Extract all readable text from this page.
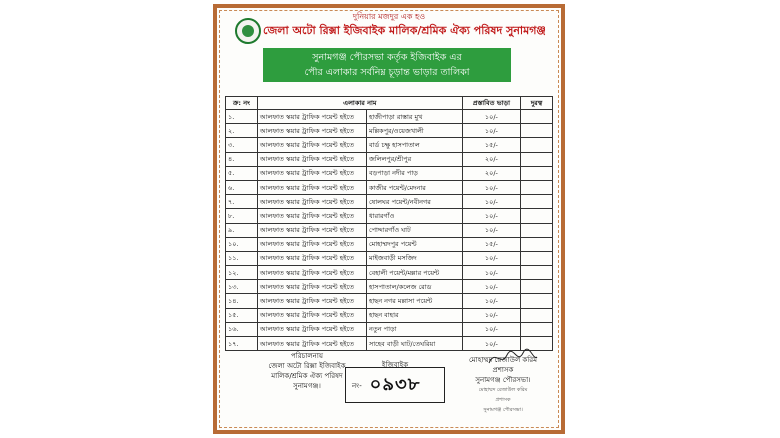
দুনিয়ার মজদুর এক হও
জেলা অটো রিক্সা ইজিবাইক মালিক/শ্রমিক ঐক্য পরিষদ সুনামগঞ্জ
সুনামগঞ্জ পৌরসভা কর্তৃক ইজিবাইক এর
পৌর এলাকার সর্বনিম্ন চূড়ান্ত ভাড়ার তালিকা
ক্র: নং	এলাকার নাম		প্রস্তাবিত ভাড়া	দুরত্ব
১.	আলফাত স্কয়ার ট্রাফিক পয়েন্ট হইতে	হাজীপাড়া রাস্তার মুখ	১০/-	
২.	আলফাত স্কয়ার ট্রাফিক পয়েন্ট হইতে	মল্লিকপুর/ওয়েজখালী	১০/-	
৩.	আলফাত স্কয়ার ট্রাফিক পয়েন্ট হইতে	বার্ড চক্ষু হাসপাতাল	১৫/-	
৪.	আলফাত স্কয়ার ট্রাফিক পয়েন্ট হইতে	জলিলপুর/শ্রীপুর	২০/-	
৫.	আলফাত স্কয়ার ট্রাফিক পয়েন্ট হইতে	বড়পাড়া নদীর পাড়	২০/-	
৬.	আলফাত স্কয়ার ট্রাফিক পয়েন্ট হইতে	কাজীর পয়েন্ট/মেদনার	১০/-	
৭.	আলফাত স্কয়ার ট্রাফিক পয়েন্ট হইতে	ষোলঘর পয়েন্ট/নবীনগর	১০/-	
৮.	আলফাত স্কয়ার ট্রাফিক পয়েন্ট হইতে	ধারারগাঁও	১০/-	
৯.	আলফাত স্কয়ার ট্রাফিক পয়েন্ট হইতে	পোদ্দারগাঁও ঘাট	১০/-	
১০.	আলফাত স্কয়ার ট্রাফিক পয়েন্ট হইতে	মোহাম্মদপুর পয়েন্ট	১৫/-	
১১.	আলফাত স্কয়ার ট্রাফিক পয়েন্ট হইতে	মাইজবাড়ী মসজিদ	১০/-	
১২.	আলফাত স্কয়ার ট্রাফিক পয়েন্ট হইতে	বেহালী পয়েন্ট/মল্লার পয়েন্ট	১০/-	
১৩.	আলফাত স্কয়ার ট্রাফিক পয়েন্ট হইতে	হাসপাতাল/কলেজ রোড	১০/-	
১৪.	আলফাত স্কয়ার ট্রাফিক পয়েন্ট হইতে	হাছন নগর মল্লাসা পয়েন্ট	১০/-	
১৫.	আলফাত স্কয়ার ট্রাফিক পয়েন্ট হইতে	হাছন বাহার	১০/-	
১৬.	আলফাত স্কয়ার ট্রাফিক পয়েন্ট হইতে	নতুন পাড়া	১০/-	
১৭.	আলফাত স্কয়ার ট্রাফিক পয়েন্ট হইতে	সাহেব বাড়ী ঘাট/তেঘরিয়া	১০/-	
পরিচালনায়
জেলা অটো রিক্সা ইজিবাইক
মালিক/শ্রমিক ঐক্য পরিষদ
সুনামগঞ্জ।
ইজিবাইক
নং- ০৯৩৮
মোহাম্মদ রেজাউল করিম
প্রশাসক
সুনামগঞ্জ পৌরসভা।
মোহাম্মদ রেজাউল করিম
প্রশাসক
সুনামগঞ্জ পৌরসভা।
